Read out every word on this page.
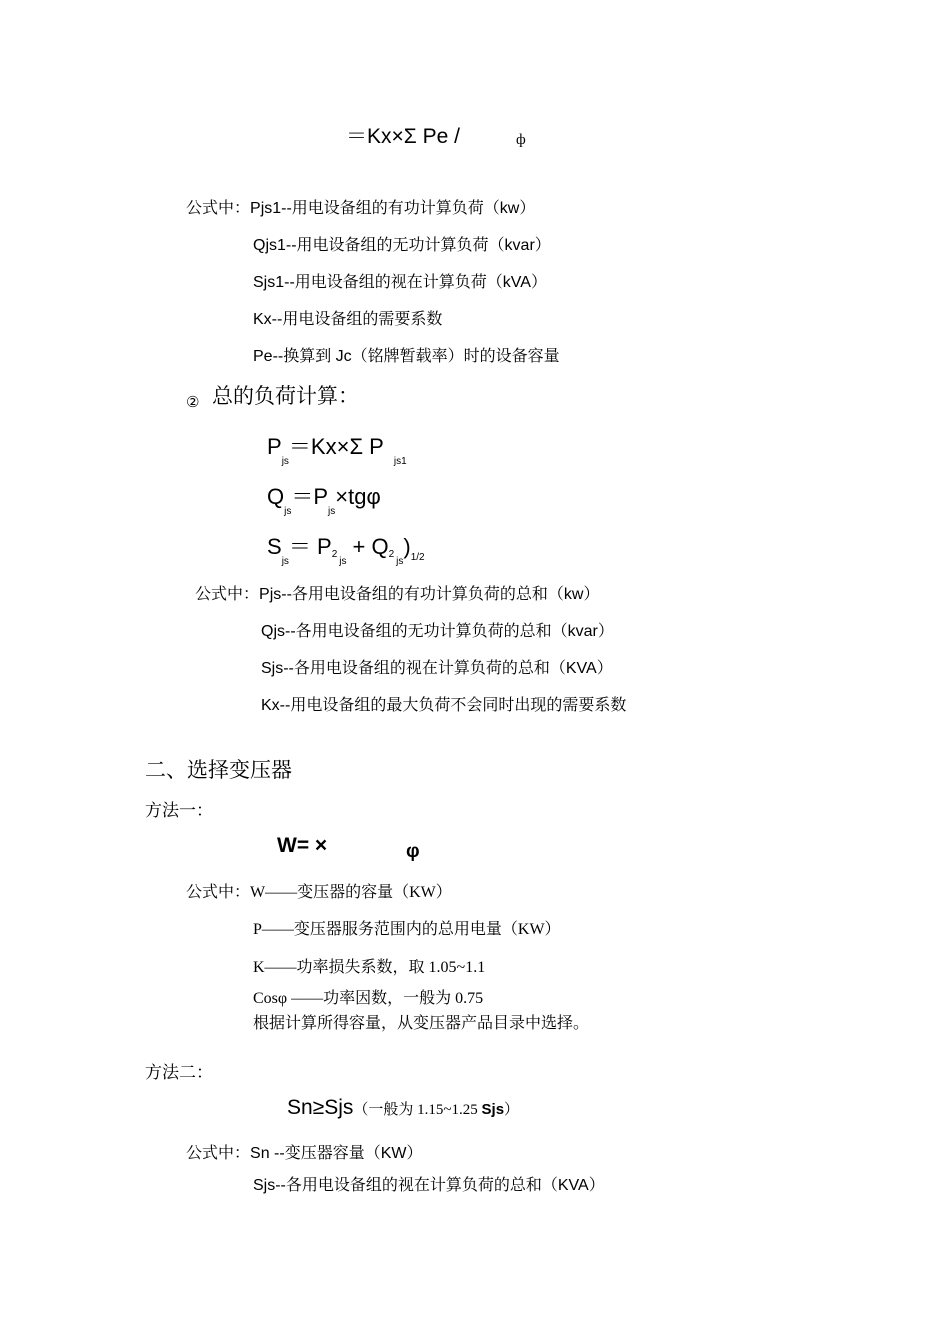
＝Kx×Σ Pe /	ф
公式中：Pjs1--用电设备组的有功计算负荷（kw）
Qjs1--用电设备组的无功计算负荷（kvar）
Sjs1--用电设备组的视在计算负荷（kVA）
Kx--用电设备组的需要系数
Pe--换算到 Jc（铭牌暂载率）时的设备容量
② 总的负荷计算：
$P_{js}=Kx\times\Sigma$ $P_{js1}$
$Q_{js}=P_{js}\times tg\varphi$
$S_{js}= P2_{js}+ Q2_{js})_{1/2}$
公式中：Pjs--各用电设备组的有功计算负荷的总和（kw）
Qjs--各用电设备组的无功计算负荷的总和（kvar）
Sjs--各用电设备组的视在计算负荷的总和（KVA）
Kx--用电设备组的最大负荷不会同时出现的需要系数
二、选择变压器
方法一：
W= ×	φ
公式中：W——变压器的容量（KW）
P——变压器服务范围内的总用电量（KW）
K——功率损失系数，取 1.05~1.1
Cosφ ——功率因数，一般为 0.75
根据计算所得容量，从变压器产品目录中选择。
方法二：
Sn≥Sjs（一般为 1.15~1.25 Sjs）
公式中：Sn --变压器容量（KW）
Sjs--各用电设备组的视在计算负荷的总和（KVA）
